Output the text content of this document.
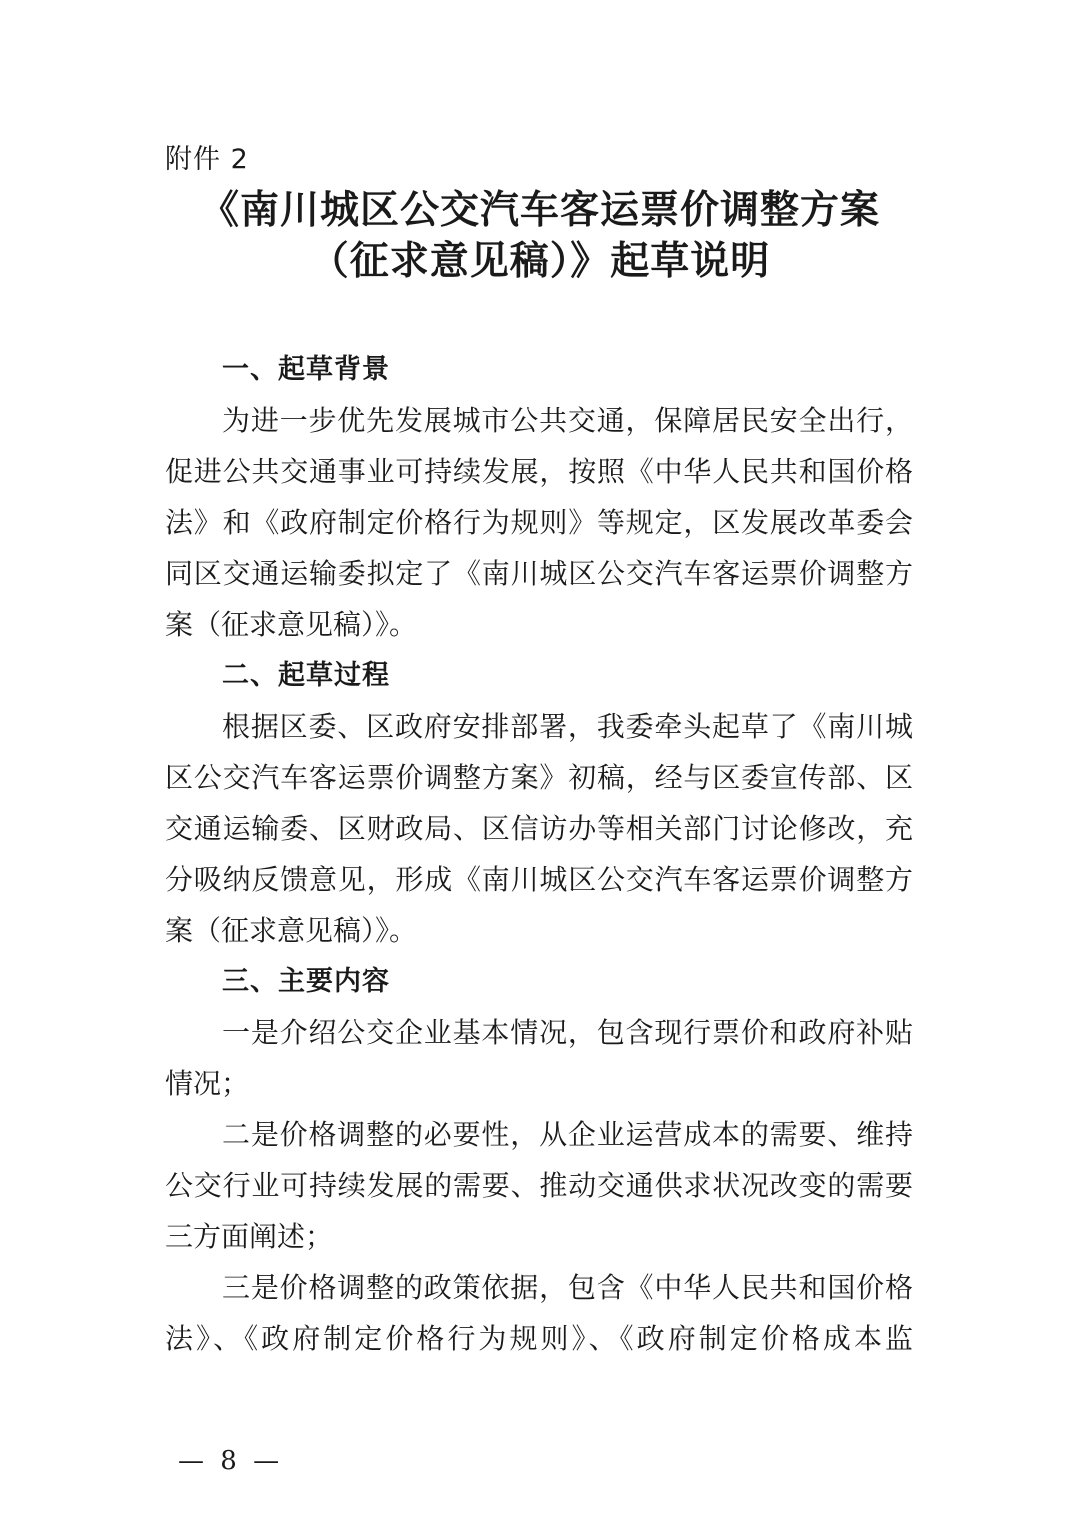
附件 2
《南川城区公交汽车客运票价调整方案
（征求意见稿）》起草说明
一、起草背景
为进一步优先发展城市公共交通，保障居民安全出行，
促进公共交通事业可持续发展，按照《中华人民共和国价格
法》和《政府制定价格行为规则》等规定，区发展改革委会
同区交通运输委拟定了《南川城区公交汽车客运票价调整方
案（征求意见稿）》。
二、起草过程
根据区委、区政府安排部署，我委牵头起草了《南川城
区公交汽车客运票价调整方案》初稿，经与区委宣传部、区
交通运输委、区财政局、区信访办等相关部门讨论修改，充
分吸纳反馈意见，形成《南川城区公交汽车客运票价调整方
案（征求意见稿）》。
三、主要内容
一是介绍公交企业基本情况，包含现行票价和政府补贴
情况；
二是价格调整的必要性，从企业运营成本的需要、维持
公交行业可持续发展的需要、推动交通供求状况改变的需要
三方面阐述；
三是价格调整的政策依据，包含《中华人民共和国价格
法》、《政府制定价格行为规则》、《政府制定价格成本监
— 8 —
